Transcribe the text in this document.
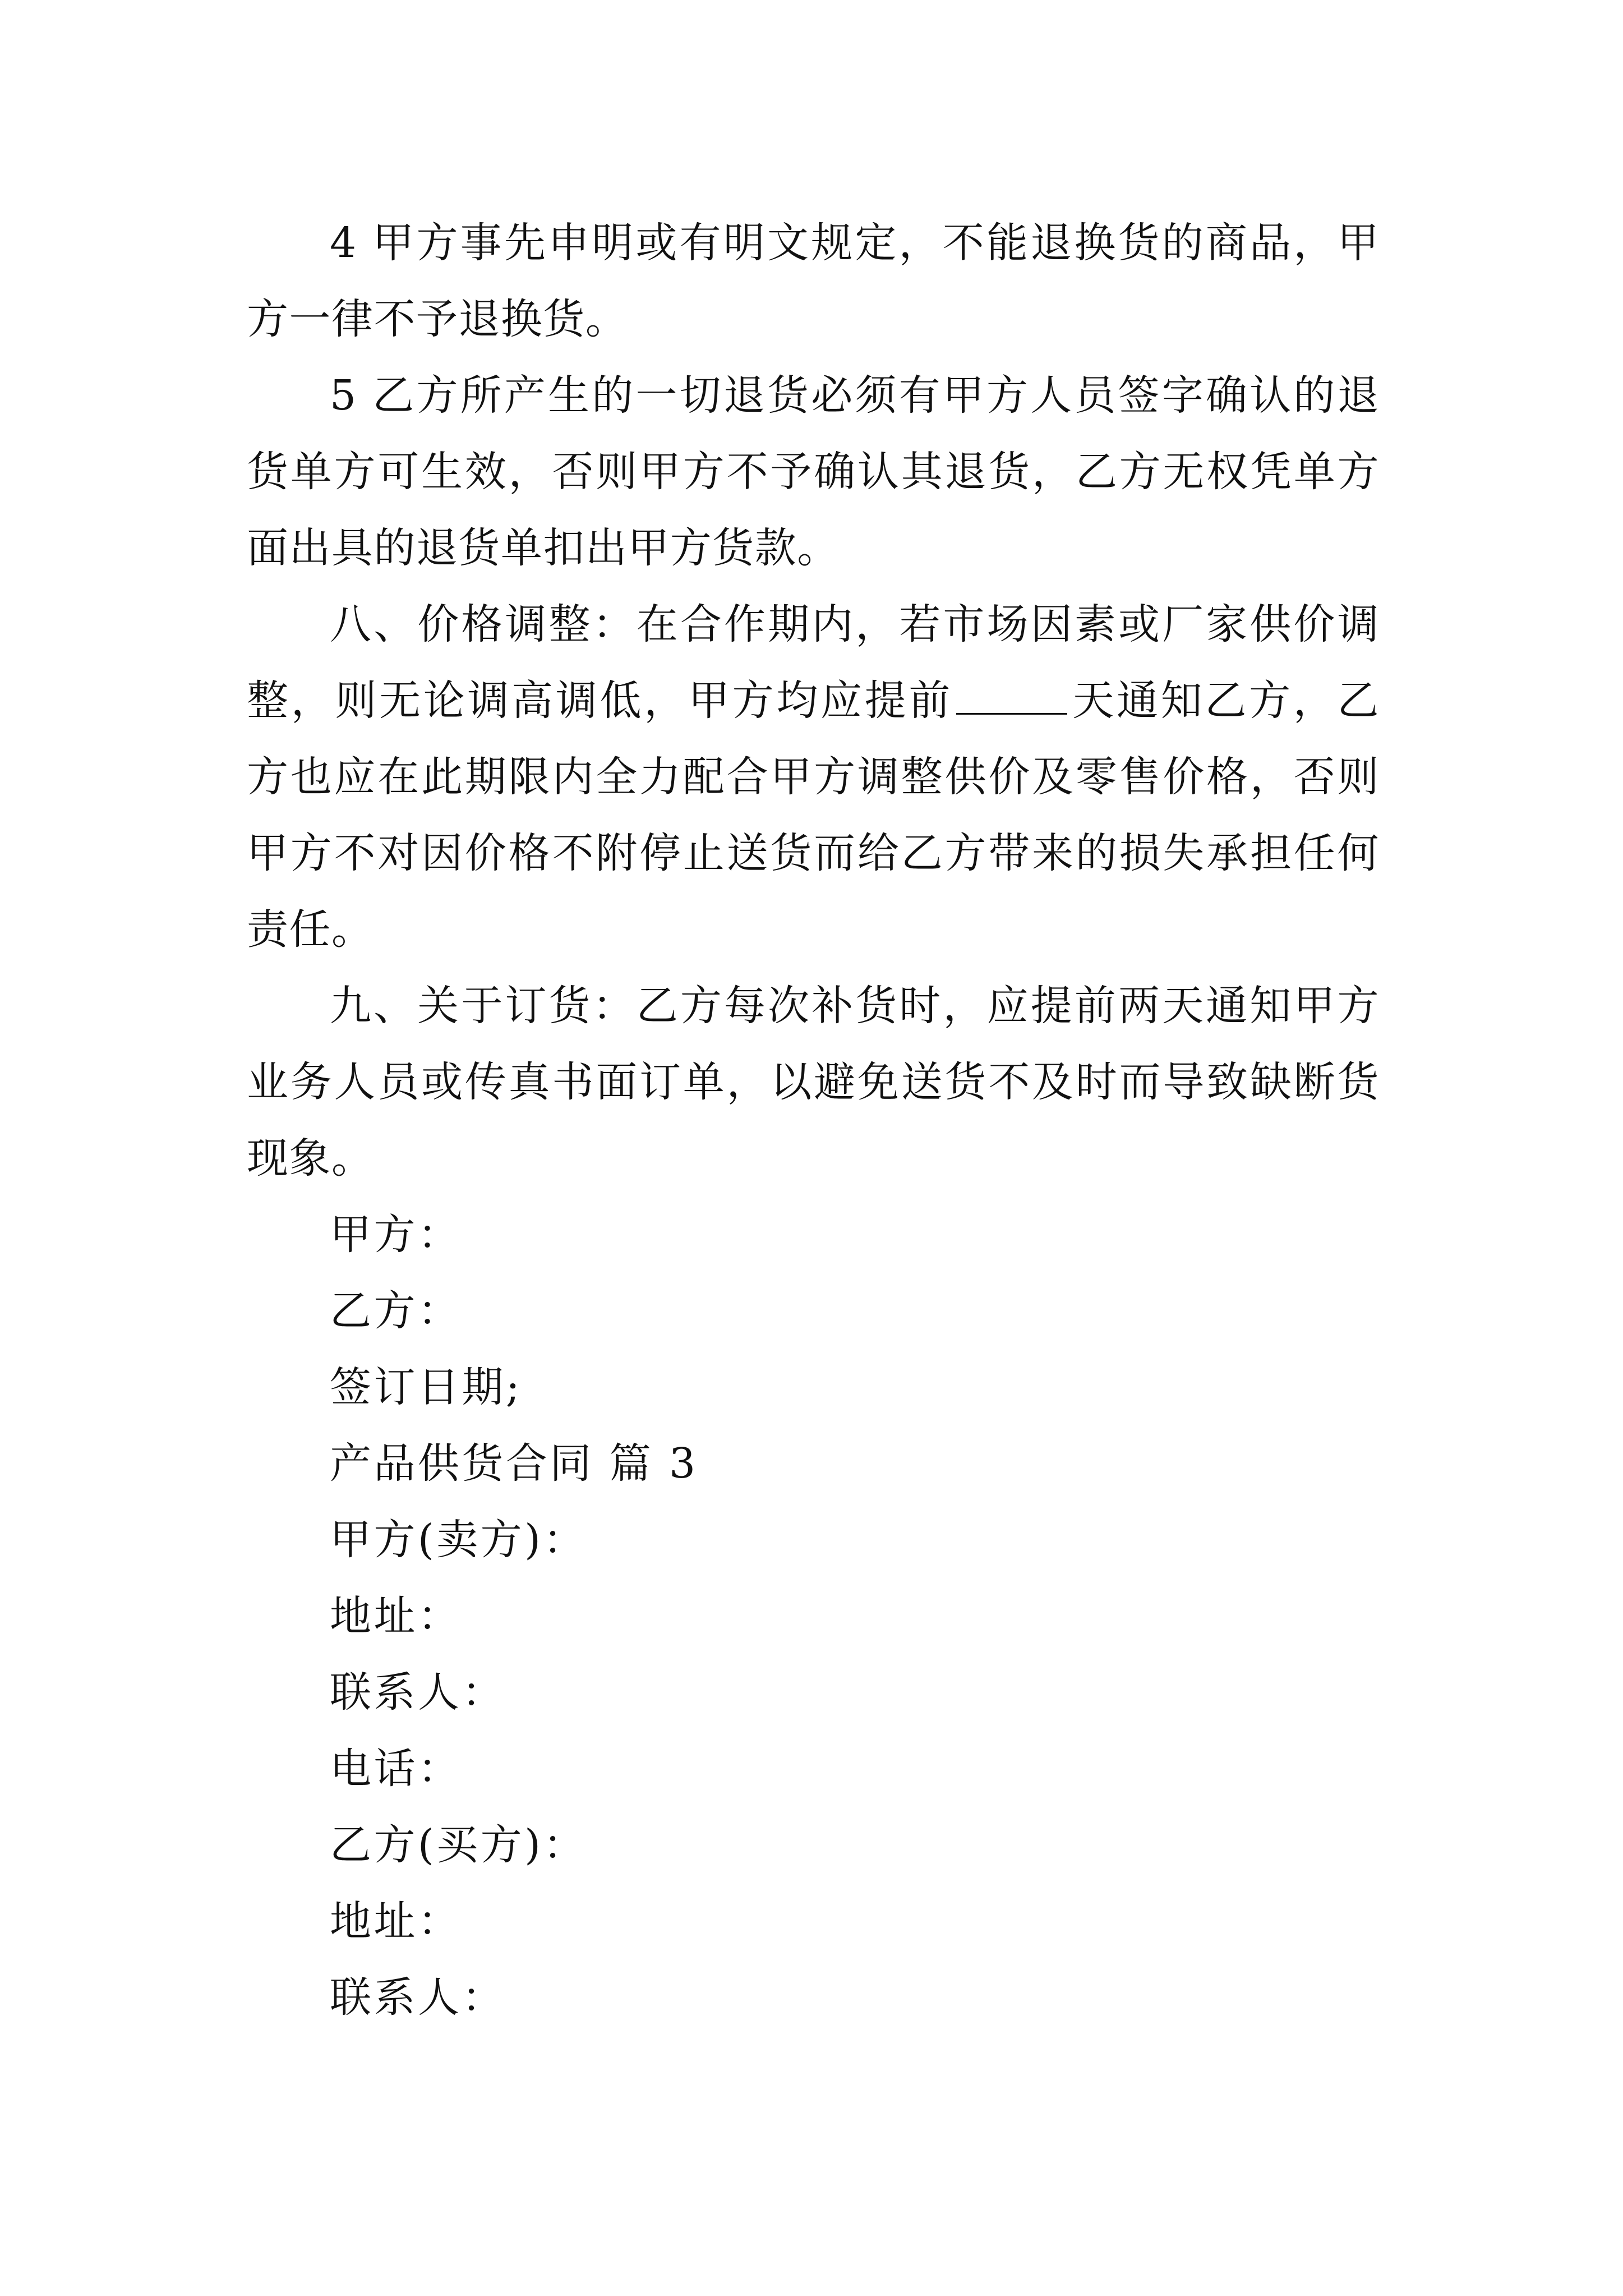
4 甲方事先申明或有明文规定，不能退换货的商品，甲方一律不予退换货。

5 乙方所产生的一切退货必须有甲方人员签字确认的退货单方可生效，否则甲方不予确认其退货，乙方无权凭单方面出具的退货单扣出甲方货款。

八、价格调整：在合作期内，若市场因素或厂家供价调整，则无论调高调低，甲方均应提前	天通知乙方，乙方也应在此期限内全力配合甲方调整供价及零售价格，否则甲方不对因价格不附停止送货而给乙方带来的损失承担任何责任。

九、关于订货：乙方每次补货时，应提前两天通知甲方业务人员或传真书面订单，以避免送货不及时而导致缺断货现象。

甲方：

乙方：

签订日期;

产品供货合同 篇 3

甲方(卖方)：

地址：

联系人：

电话：

乙方(买方)：

地址：

联系人：
